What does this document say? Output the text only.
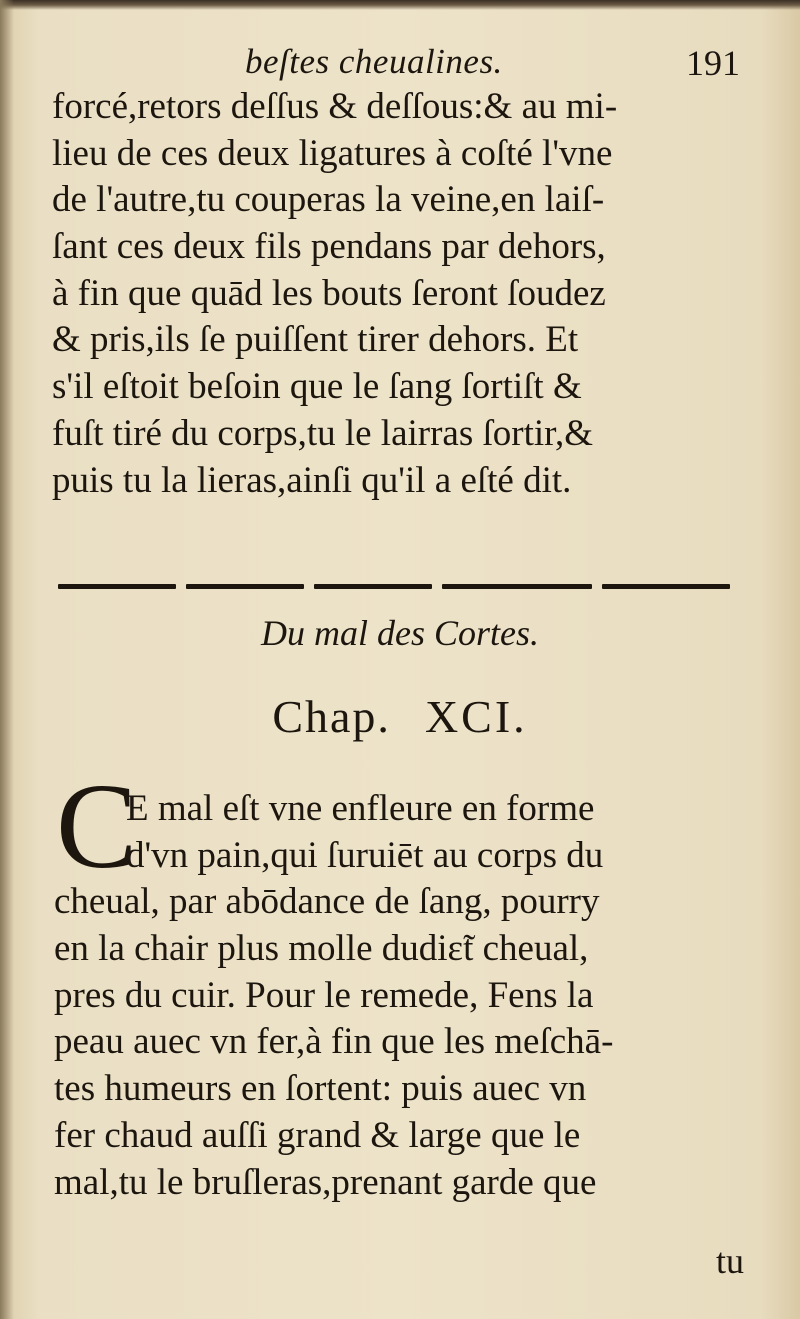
beſtes cheualines.	191
forcé,retors deſſus & deſſous:& au mi-
lieu de ces deux ligatures à coſté l'vne
de l'autre,tu couperas la veine,en laiſ-
ſant ces deux fils pendans par dehors,
à fin que quād les bouts ſeront ſoudez
& pris,ils ſe puiſſent tirer dehors. Et
s'il eſtoit beſoin que le ſang ſortiſt &
fuſt tiré du corps,tu le lairras ſortir,&
puis tu la lieras,ainſi qu'il a eſté dit.
Du mal des Cortes.
Chap. XCI.
C
E mal eſt vne enfleure en forme
d'vn pain,qui ſuruiēt au corps du
cheual, par abōdance de ſang, pourry
en la chair plus molle dudiɛ̃t cheual,
pres du cuir. Pour le remede, Fens la
peau auec vn fer,à fin que les meſchā-
tes humeurs en ſortent: puis auec vn
fer chaud auſſi grand & large que le
mal,tu le bruſleras,prenant garde que
tu
